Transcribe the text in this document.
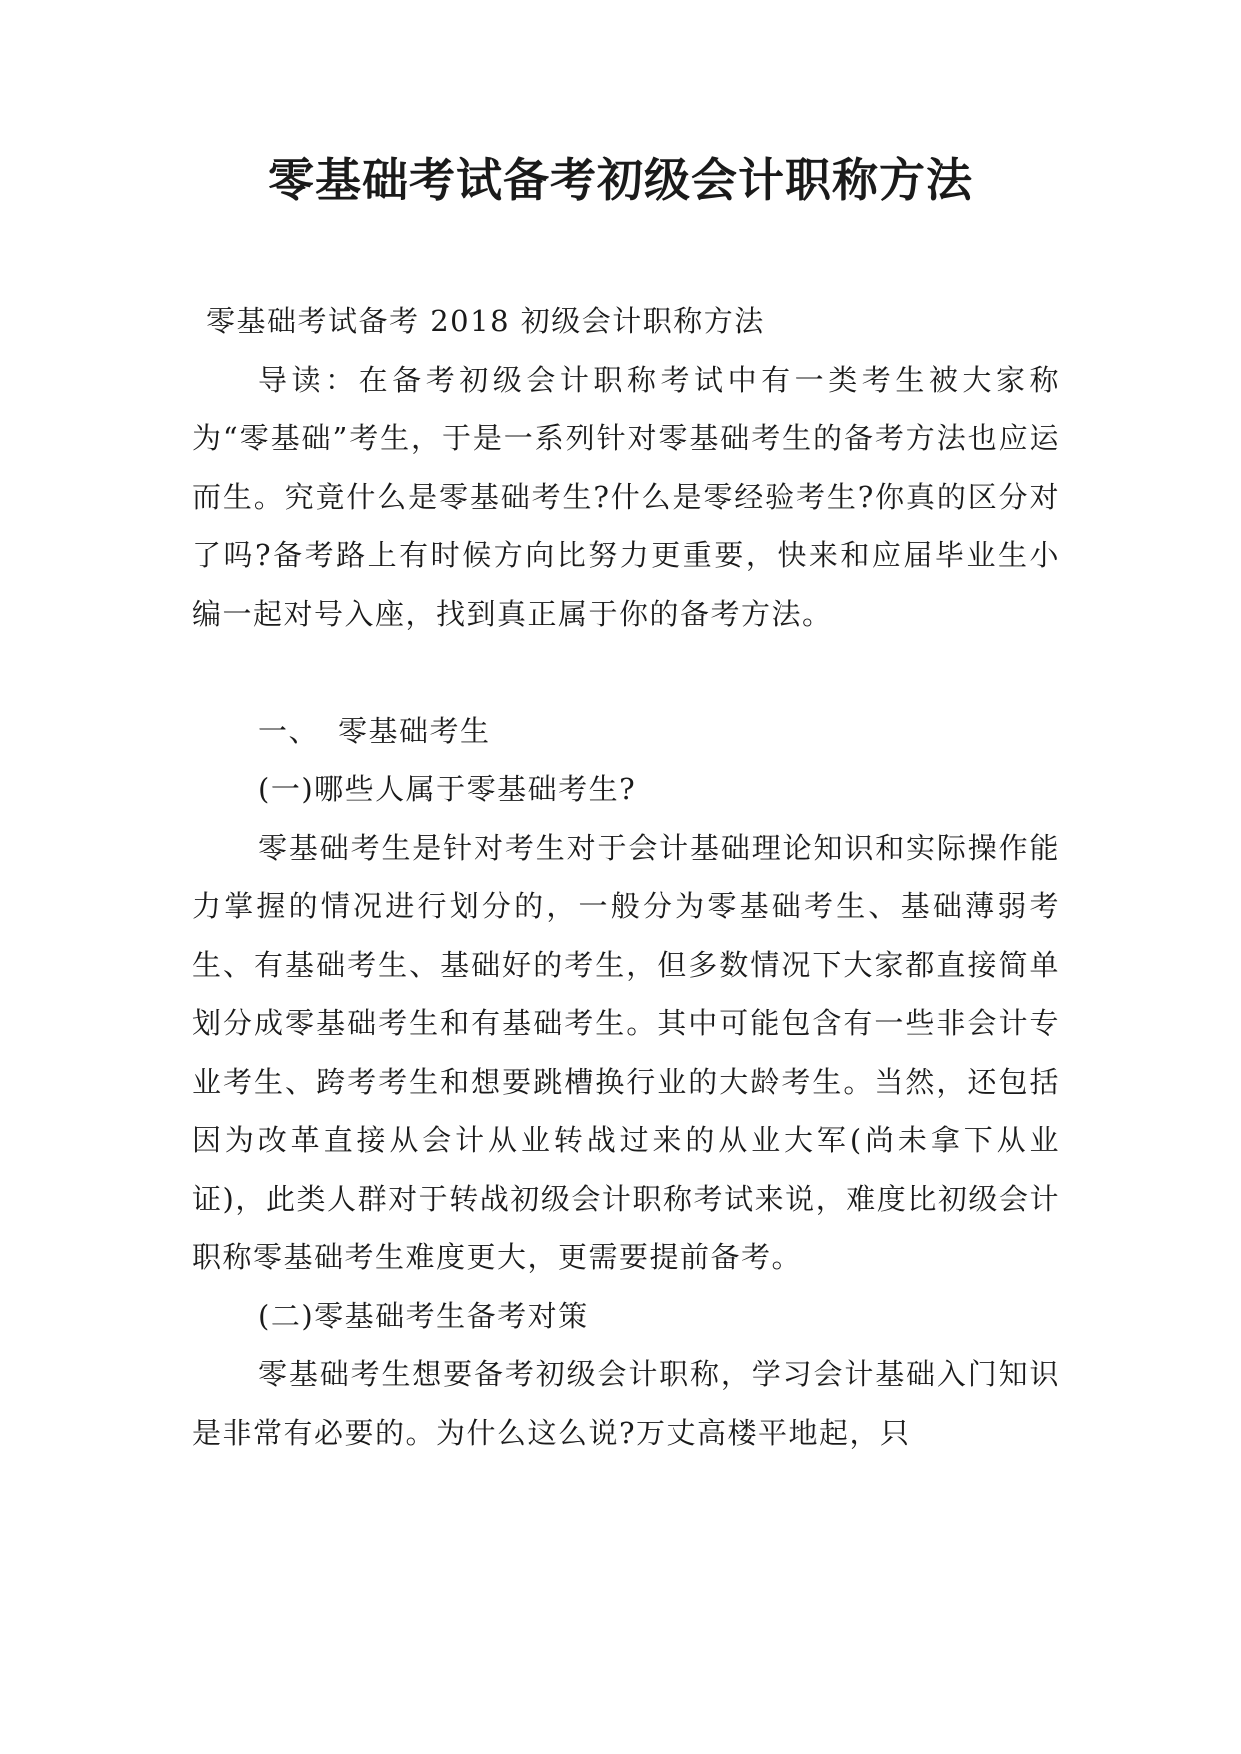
零基础考试备考初级会计职称方法

零基础考试备考 2018 初级会计职称方法

导读：在备考初级会计职称考试中有一类考生被大家称为“零基础”考生，于是一系列针对零基础考生的备考方法也应运而生。究竟什么是零基础考生?什么是零经验考生?你真的区分对了吗?备考路上有时候方向比努力更重要，快来和应届毕业生小编一起对号入座，找到真正属于你的备考方法。

一、 零基础考生

(一)哪些人属于零基础考生?

零基础考生是针对考生对于会计基础理论知识和实际操作能力掌握的情况进行划分的，一般分为零基础考生、基础薄弱考生、有基础考生、基础好的考生，但多数情况下大家都直接简单划分成零基础考生和有基础考生。其中可能包含有一些非会计专业考生、跨考考生和想要跳槽换行业的大龄考生。当然，还包括因为改革直接从会计从业转战过来的从业大军(尚未拿下从业证)，此类人群对于转战初级会计职称考试来说，难度比初级会计职称零基础考生难度更大，更需要提前备考。

(二)零基础考生备考对策

零基础考生想要备考初级会计职称，学习会计基础入门知识是非常有必要的。为什么这么说?万丈高楼平地起，只
